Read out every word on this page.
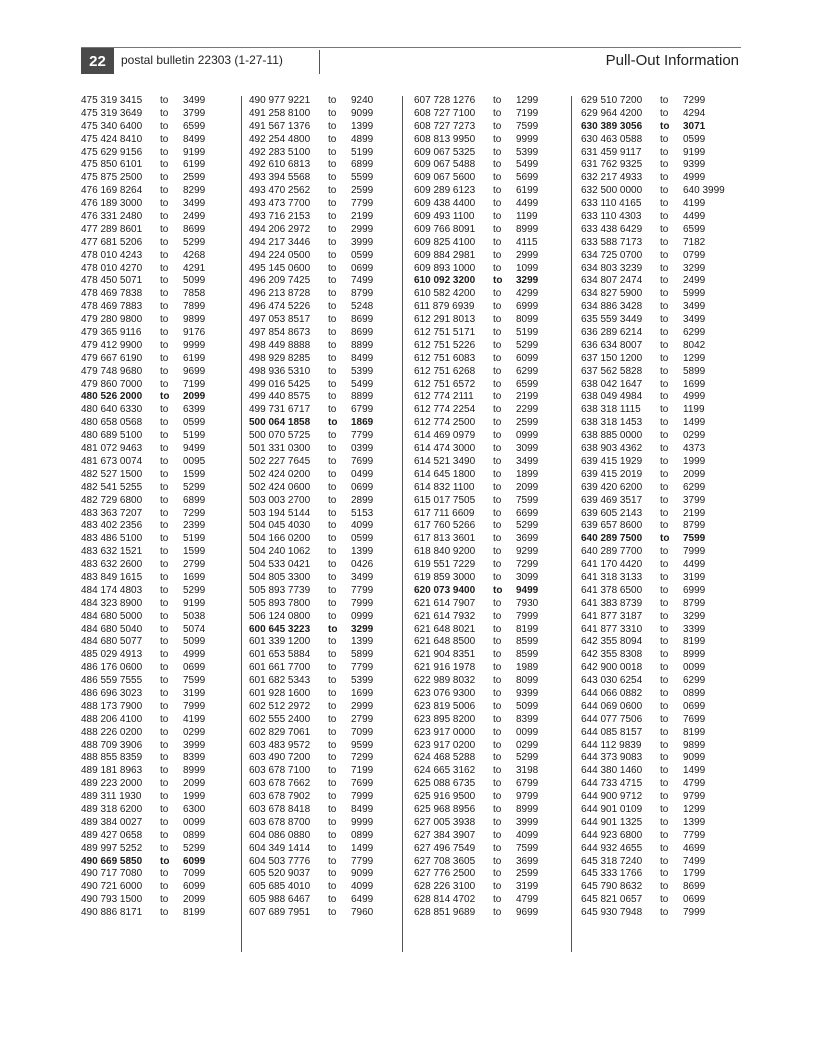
22	postal bulletin 22303 (1-27-11)	Pull-Out Information
475 319 3415 to 3499
475 319 3649 to 3799
475 340 6400 to 6599
475 424 8410 to 8499
475 629 9156 to 9199
475 850 6101 to 6199
475 875 2500 to 2599
476 169 8264 to 8299
476 189 3000 to 3499
476 331 2480 to 2499
477 289 8601 to 8699
477 681 5206 to 5299
478 010 4243 to 4268
478 010 4270 to 4291
478 450 5071 to 5099
478 469 7838 to 7858
478 469 7883 to 7899
479 280 9800 to 9899
479 365 9116 to 9176
479 412 9900 to 9999
479 667 6190 to 6199
479 748 9680 to 9699
479 860 7000 to 7199
480 526 2000 to 2099
480 640 6330 to 6399
480 658 0568 to 0599
480 689 5100 to 5199
481 072 9463 to 9499
481 673 0074 to 0095
482 527 1500 to 1599
482 541 5255 to 5299
482 729 6800 to 6899
483 363 7207 to 7299
483 402 2356 to 2399
483 486 5100 to 5199
483 632 1521 to 1599
483 632 2600 to 2799
483 849 1615 to 1699
484 174 4803 to 5299
484 323 8900 to 9199
484 680 5000 to 5038
484 680 5040 to 5074
484 680 5077 to 5099
485 029 4913 to 4999
486 176 0600 to 0699
486 559 7555 to 7599
486 696 3023 to 3199
488 173 7900 to 7999
488 206 4100 to 4199
488 226 0200 to 0299
488 709 3906 to 3999
488 855 8359 to 8399
489 181 8963 to 8999
489 223 2000 to 2099
489 311 1930 to 1999
489 318 6200 to 6300
489 384 0027 to 0099
489 427 0658 to 0899
489 997 5252 to 5299
490 669 5850 to 6099
490 717 7080 to 7099
490 721 6000 to 6099
490 793 1500 to 2099
490 886 8171 to 8199
490 977 9221 to 9240
491 258 8100 to 9099
491 567 1376 to 1399
492 254 4800 to 4899
492 283 5100 to 5199
492 610 6813 to 6899
493 394 5568 to 5599
493 470 2562 to 2599
493 473 7700 to 7799
493 716 2153 to 2199
494 206 2972 to 2999
494 217 3446 to 3999
494 224 0500 to 0599
495 145 0600 to 0699
496 209 7425 to 7499
496 213 8728 to 8799
496 474 5226 to 5248
497 053 8517 to 8699
497 854 8673 to 8699
498 449 8888 to 8899
498 929 8285 to 8499
498 936 5310 to 5399
499 016 5425 to 5499
499 440 8575 to 8899
499 731 6717 to 6799
500 064 1858 to 1869
500 070 5725 to 7799
501 331 0300 to 0399
502 227 7645 to 7699
502 424 0200 to 0499
502 424 0600 to 0699
503 003 2700 to 2899
503 194 5144 to 5153
504 045 4030 to 4099
504 166 0200 to 0599
504 240 1062 to 1399
504 533 0421 to 0426
504 805 3300 to 3499
505 893 7739 to 7799
505 893 7800 to 7999
506 124 0800 to 0999
600 645 3223 to 3299
601 339 1200 to 1399
601 653 5884 to 5899
601 661 7700 to 7799
601 682 5343 to 5399
601 928 1600 to 1699
602 512 2972 to 2999
602 555 2400 to 2799
602 829 7061 to 7099
603 483 9572 to 9599
603 490 7200 to 7299
603 678 7100 to 7199
603 678 7662 to 7699
603 678 7902 to 7999
603 678 8418 to 8499
603 678 8700 to 9999
604 086 0880 to 0899
604 349 1414 to 1499
604 503 7776 to 7799
605 520 9037 to 9099
605 685 4010 to 4099
605 988 6467 to 6499
607 689 7951 to 7960
607 728 1276 to 1299
608 727 7100 to 7199
608 727 7273 to 7599
608 813 9950 to 9999
609 067 5325 to 5399
609 067 5488 to 5499
609 067 5600 to 5699
609 289 6123 to 6199
609 438 4400 to 4499
609 493 1100 to 1199
609 766 8091 to 8999
609 825 4100 to 4115
609 884 2981 to 2999
609 893 1000 to 1099
610 092 3200 to 3299
610 582 4200 to 4299
611 879 6939 to 6999
612 291 8013 to 8099
612 751 5171 to 5199
612 751 5226 to 5299
612 751 6083 to 6099
612 751 6268 to 6299
612 751 6572 to 6599
612 774 2111 to 2199
612 774 2254 to 2299
612 774 2500 to 2599
614 469 0979 to 0999
614 474 3000 to 3099
614 521 3490 to 3499
614 645 1800 to 1899
614 832 1100 to 2099
615 017 7505 to 7599
617 711 6609 to 6699
617 760 5266 to 5299
617 813 3601 to 3699
618 840 9200 to 9299
619 551 7229 to 7299
619 859 3000 to 3099
620 073 9400 to 9499
621 614 7907 to 7930
621 614 7932 to 7999
621 648 8021 to 8199
621 648 8500 to 8599
621 904 8351 to 8599
621 916 1978 to 1989
622 989 8032 to 8099
623 076 9300 to 9399
623 819 5006 to 5099
623 895 8200 to 8399
623 917 0000 to 0099
623 917 0200 to 0299
624 468 5288 to 5299
624 665 3162 to 3198
625 088 6735 to 6799
625 916 9500 to 9799
625 968 8956 to 8999
627 005 3938 to 3999
627 384 3907 to 4099
627 496 7549 to 7599
627 708 3605 to 3699
627 776 2500 to 2599
628 226 3100 to 3199
628 814 4702 to 4799
628 851 9689 to 9699
629 510 7200 to 7299
629 964 4200 to 4294
630 389 3056 to 3071
630 463 0588 to 0599
631 459 9117 to 9199
631 762 9325 to 9399
632 217 4933 to 4999
632 500 0000 to 640 3999
633 110 4165 to 4199
633 110 4303 to 4499
633 438 6429 to 6599
633 588 7173 to 7182
634 725 0700 to 0799
634 803 3239 to 3299
634 807 2474 to 2499
634 827 5900 to 5999
634 886 3428 to 3499
635 559 3449 to 3499
636 289 6214 to 6299
636 634 8007 to 8042
637 150 1200 to 1299
637 562 5828 to 5899
638 042 1647 to 1699
638 049 4984 to 4999
638 318 1115 to 1199
638 318 1453 to 1499
638 885 0000 to 0299
638 903 4362 to 4373
639 415 1929 to 1999
639 415 2019 to 2099
639 420 6200 to 6299
639 469 3517 to 3799
639 605 2143 to 2199
639 657 8600 to 8799
640 289 7500 to 7599
640 289 7700 to 7999
641 170 4420 to 4499
641 318 3133 to 3199
641 378 6500 to 6999
641 383 8739 to 8799
641 877 3187 to 3299
641 877 3310 to 3399
642 355 8094 to 8199
642 355 8308 to 8999
642 900 0018 to 0099
643 030 6254 to 6299
644 066 0882 to 0899
644 069 0600 to 0699
644 077 7506 to 7699
644 085 8157 to 8199
644 112 9839 to 9899
644 373 9083 to 9099
644 380 1460 to 1499
644 733 4715 to 4799
644 900 9712 to 9799
644 901 0109 to 1299
644 901 1325 to 1399
644 923 6800 to 7799
644 932 4655 to 4699
645 318 7240 to 7499
645 333 1766 to 1799
645 790 8632 to 8699
645 821 0657 to 0699
645 930 7948 to 7999
